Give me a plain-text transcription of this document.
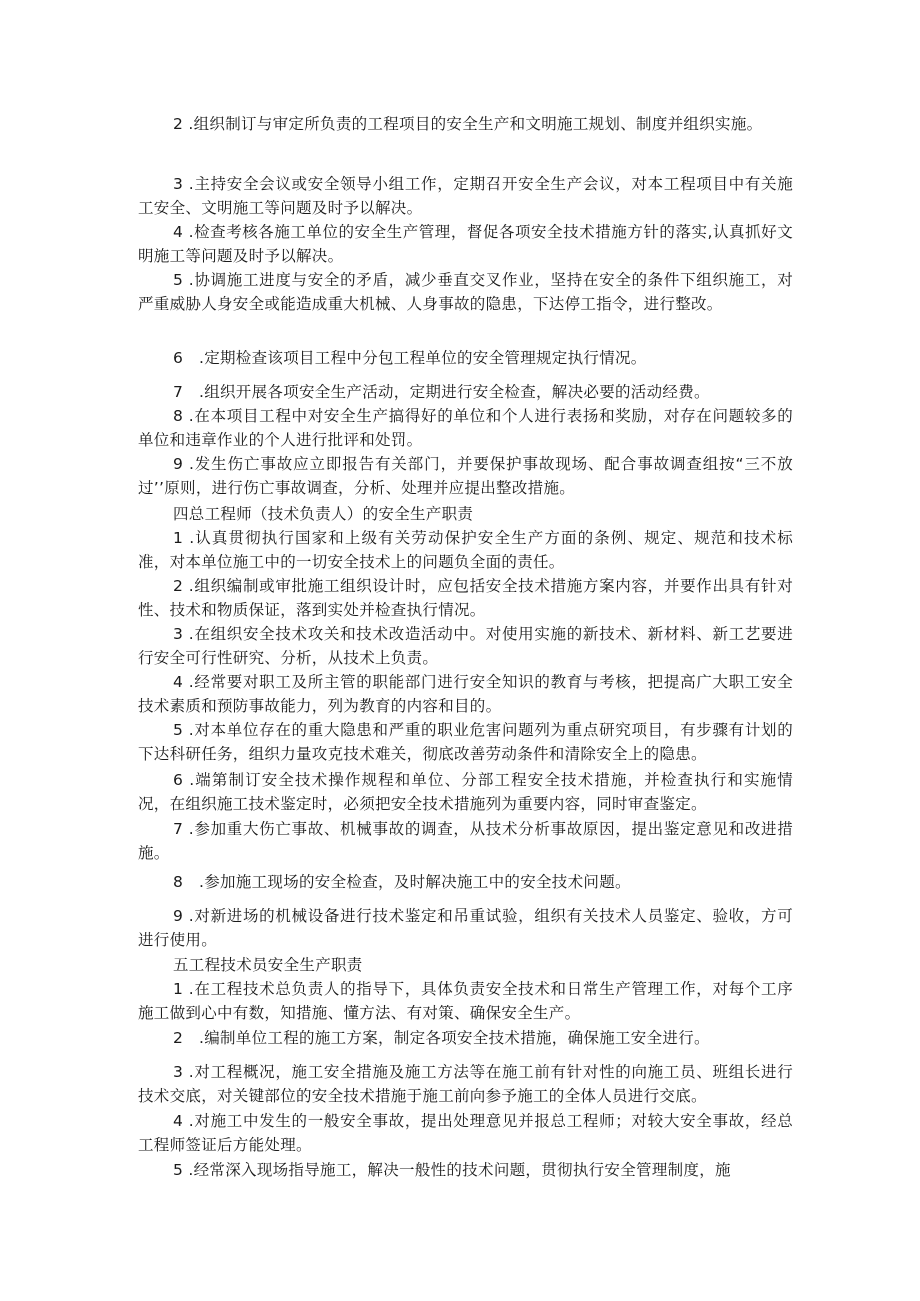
2 .组织制订与审定所负责的工程项目的安全生产和文明施工规划、制度并组织实施。

3 .主持安全会议或安全领导小组工作，定期召开安全生产会议，对本工程项目中有关施工安全、文明施工等问题及时予以解决。

4 .检查考核各施工单位的安全生产管理，督促各项安全技术措施方针的落实,认真抓好文明施工等问题及时予以解决。

5 .协调施工进度与安全的矛盾，减少垂直交叉作业，坚持在安全的条件下组织施工，对严重威胁人身安全或能造成重大机械、人身事故的隐患，下达停工指令，进行整改。

6　.定期检查该项目工程中分包工程单位的安全管理规定执行情况。

7　.组织开展各项安全生产活动，定期进行安全检查，解决必要的活动经费。

8 .在本项目工程中对安全生产搞得好的单位和个人进行表扬和奖励，对存在问题较多的单位和违章作业的个人进行批评和处罚。

9 .发生伤亡事故应立即报告有关部门，并要保护事故现场、配合事故调查组按“三不放过’’原则，进行伤亡事故调查，分析、处理并应提出整改措施。

四总工程师（技术负责人）的安全生产职责

1 .认真贯彻执行国家和上级有关劳动保护安全生产方面的条例、规定、规范和技术标准，对本单位施工中的一切安全技术上的问题负全面的责任。

2 .组织编制或审批施工组织设计时，应包括安全技术措施方案内容，并要作出具有针对性、技术和物质保证，落到实处并检查执行情况。

3 .在组织安全技术攻关和技术改造活动中。对使用实施的新技术、新材料、新工艺要进行安全可行性研究、分析，从技术上负责。

4 .经常要对职工及所主管的职能部门进行安全知识的教育与考核，把提高广大职工安全技术素质和预防事故能力，列为教育的内容和目的。

5 .对本单位存在的重大隐患和严重的职业危害问题列为重点研究项目，有步骤有计划的下达科研任务，组织力量攻克技术难关，彻底改善劳动条件和清除安全上的隐患。

6 .端第制订安全技术操作规程和单位、分部工程安全技术措施，并检查执行和实施情况，在组织施工技术鉴定时，必须把安全技术措施列为重要内容，同时审查鉴定。

7 .参加重大伤亡事故、机械事故的调查，从技术分析事故原因，提出鉴定意见和改进措施。

8　.参加施工现场的安全检查，及时解决施工中的安全技术问题。

9 .对新进场的机械设备进行技术鉴定和吊重试验，组织有关技术人员鉴定、验收，方可进行使用。

五工程技术员安全生产职责

1 .在工程技术总负责人的指导下，具体负责安全技术和日常生产管理工作，对每个工序施工做到心中有数，知措施、懂方法、有对策、确保安全生产。

2　.编制单位工程的施工方案，制定各项安全技术措施，确保施工安全进行。

3 .对工程概况，施工安全措施及施工方法等在施工前有针对性的向施工员、班组长进行技术交底，对关键部位的安全技术措施于施工前向参予施工的全体人员进行交底。

4 .对施工中发生的一般安全事故，提出处理意见并报总工程师；对较大安全事故，经总工程师签证后方能处理。

5 .经常深入现场指导施工，解决一般性的技术问题，贯彻执行安全管理制度，施
